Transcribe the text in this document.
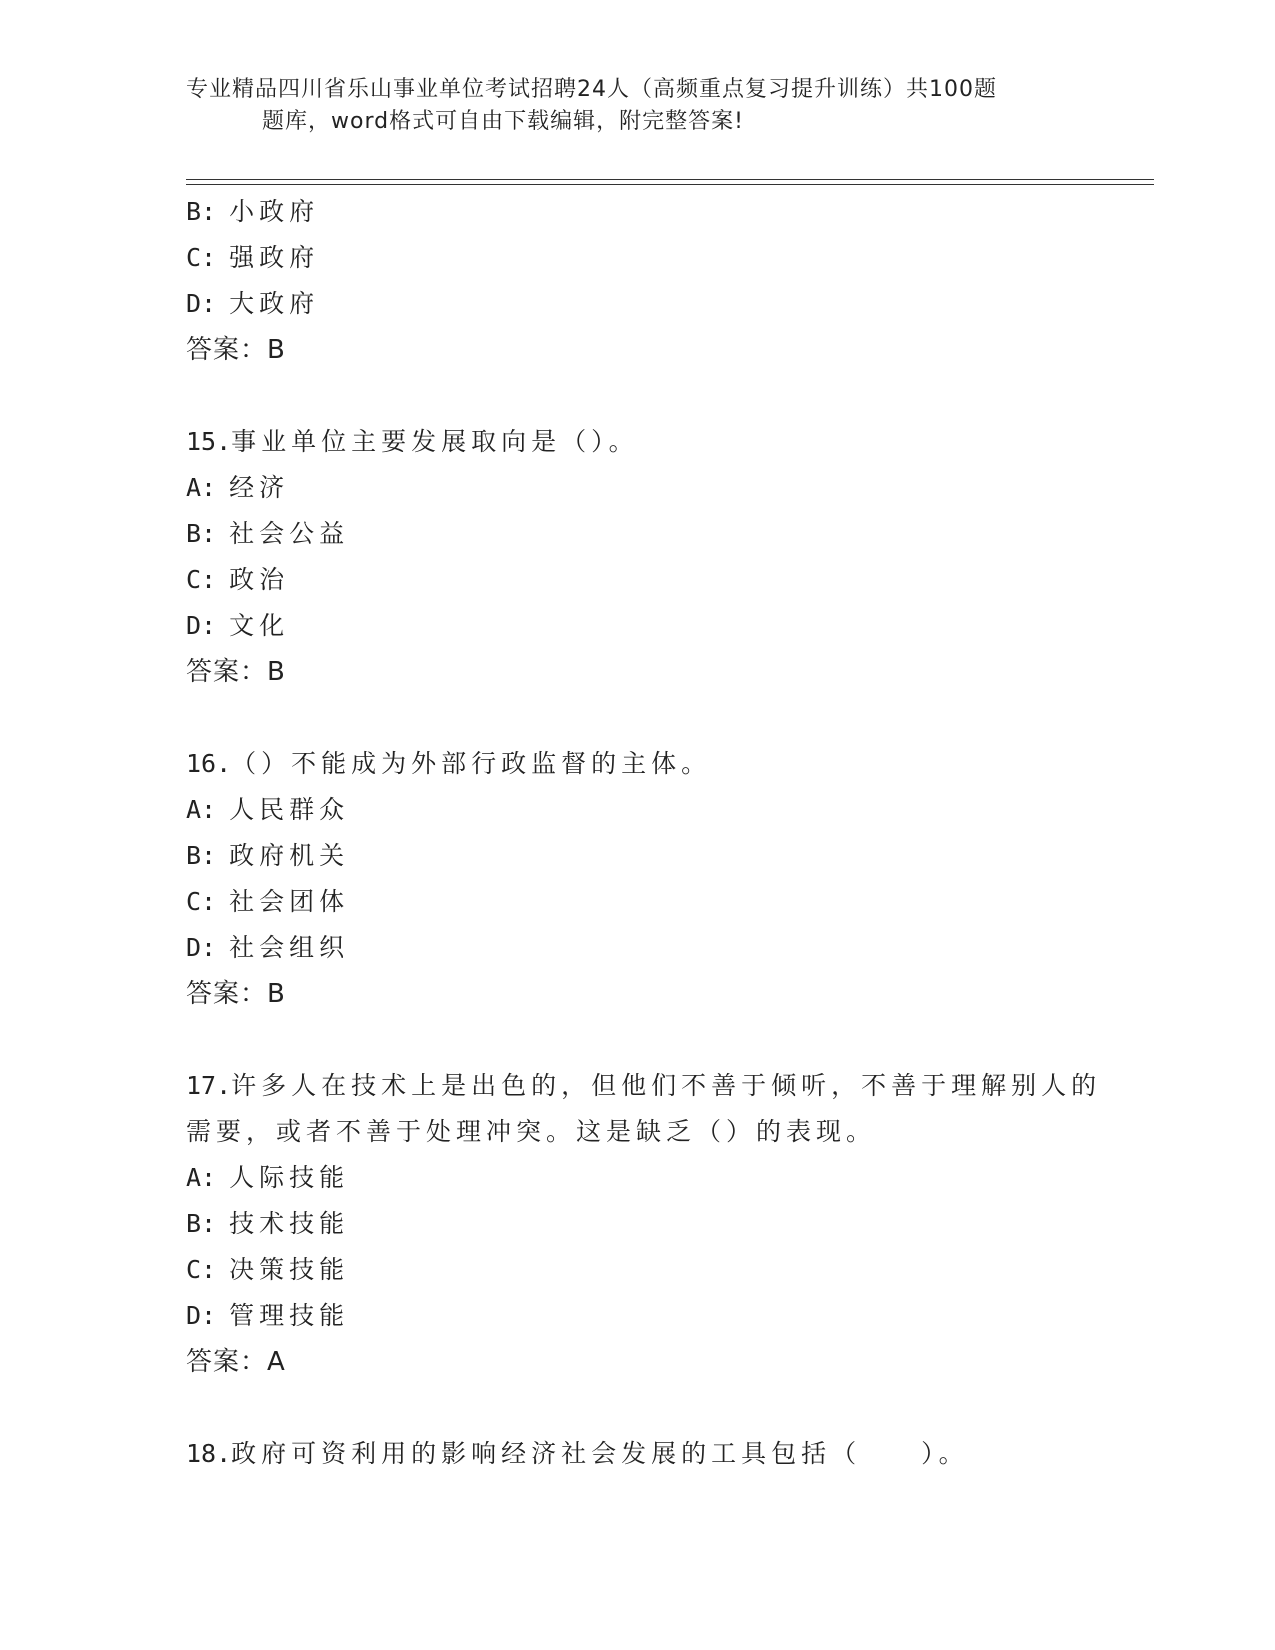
专业精品四川省乐山事业单位考试招聘24人（高频重点复习提升训练）共100题
题库，word格式可自由下载编辑，附完整答案!
B: 小政府
C: 强政府
D: 大政府
答案：B
15.事业单位主要发展取向是（）。
A: 经济
B: 社会公益
C: 政治
D: 文化
答案：B
16.（）不能成为外部行政监督的主体。
A: 人民群众
B: 政府机关
C: 社会团体
D: 社会组织
答案：B
17.许多人在技术上是出色的，但他们不善于倾听，不善于理解别人的
需要，或者不善于处理冲突。这是缺乏（）的表现。
A: 人际技能
B: 技术技能
C: 决策技能
D: 管理技能
答案：A
18.政府可资利用的影响经济社会发展的工具包括（　　）。
